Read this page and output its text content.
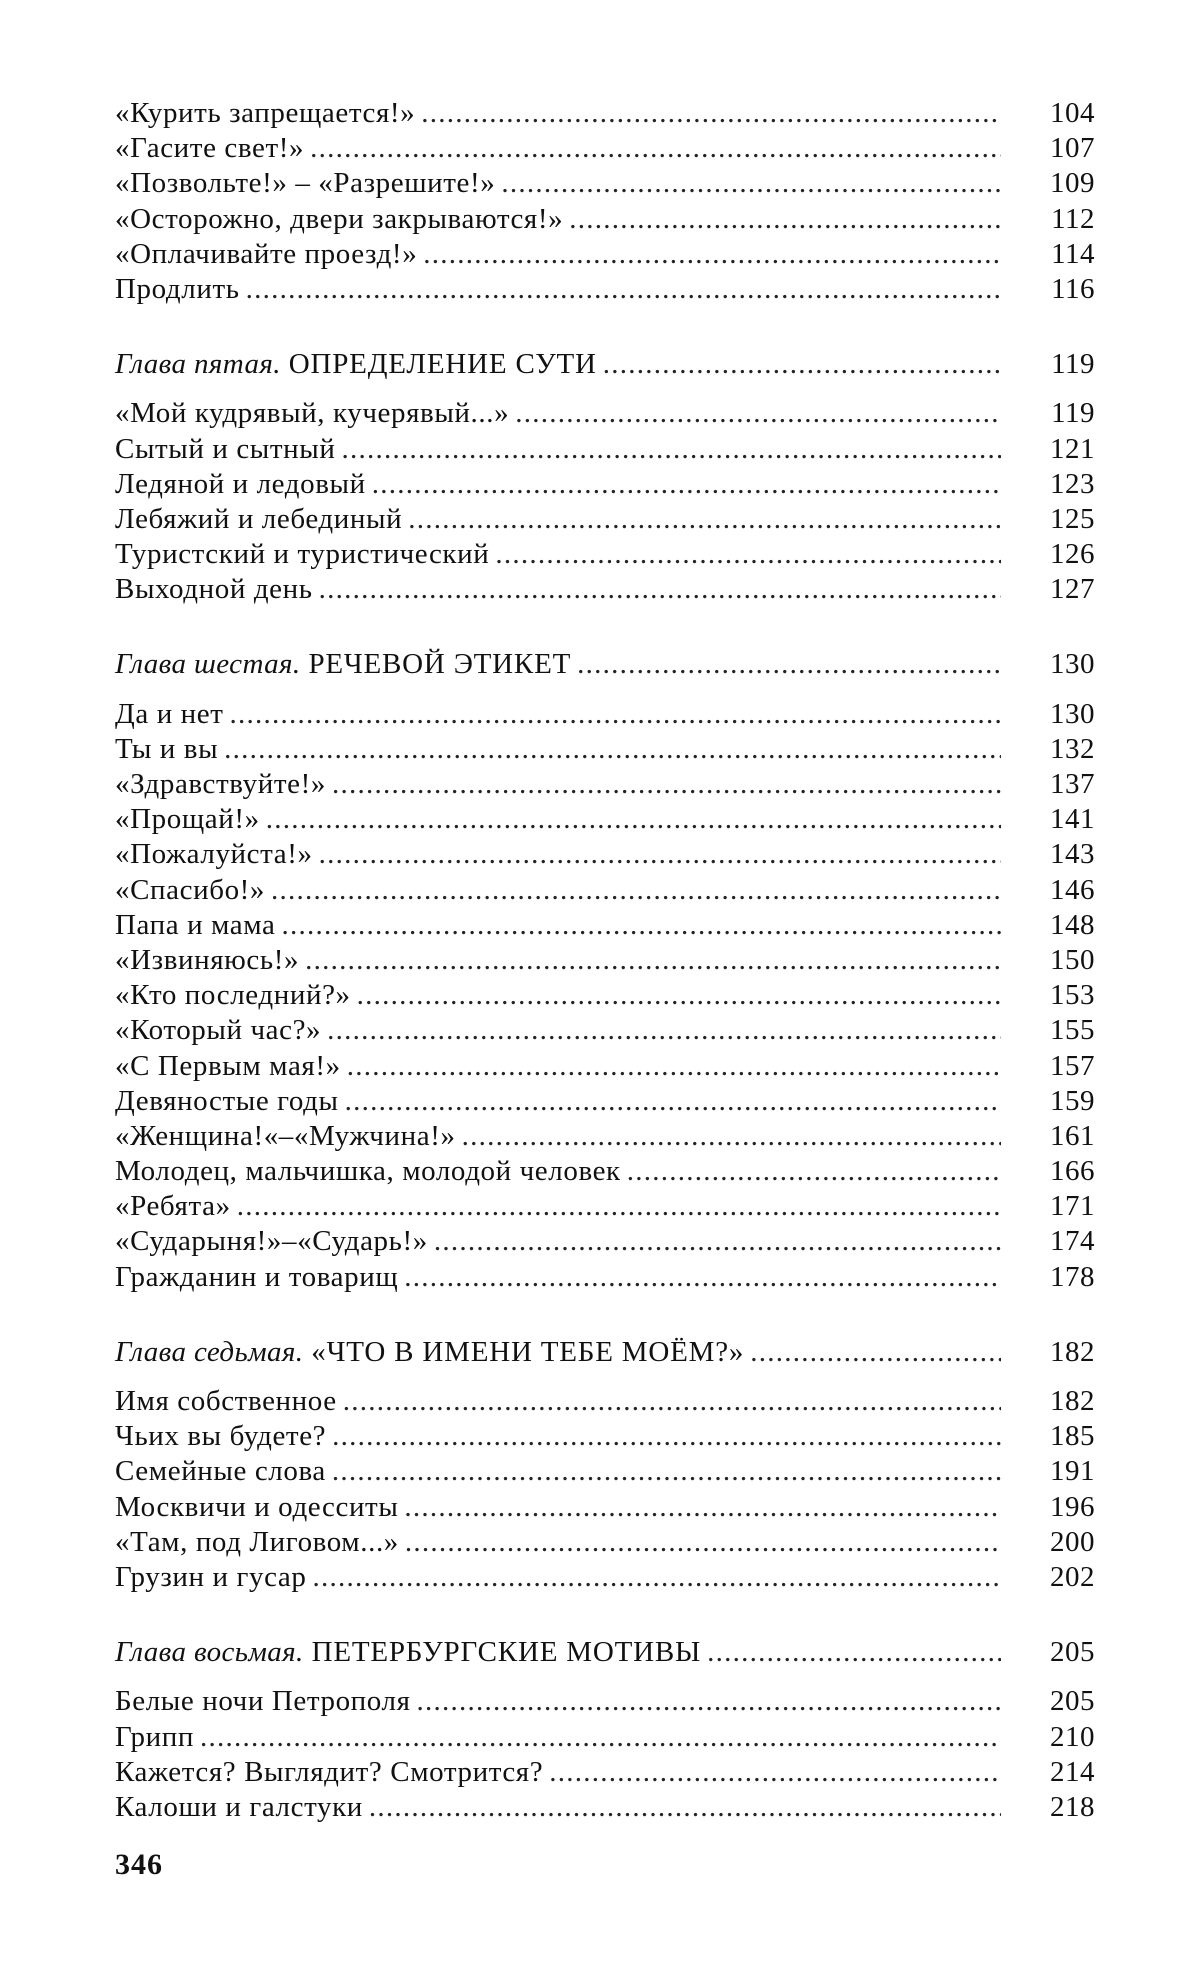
«Курить запрещается!» . . .	104
«Гасите свет!» . . .	107
«Позвольте!» – «Разрешите!» . . .	109
«Осторожно, двери закрываются!» . . .	112
«Оплачивайте проезд!» . . .	114
Продлить . . .	116
Глава пятая. ОПРЕДЕЛЕНИЕ СУТИ . . .	119
«Мой кудрявый, кучерявый...» . . .	119
Сытый и сытный . . .	121
Ледяной и ледовый . . .	123
Лебяжий и лебединый . . .	125
Туристский и туристический . . .	126
Выходной день . . .	127
Глава шестая. РЕЧЕВОЙ ЭТИКЕТ . . .	130
Да и нет . . .	130
Ты и вы . . .	132
«Здравствуйте!» . . .	137
«Прощай!» . . .	141
«Пожалуйста!» . . .	143
«Спасибо!» . . .	146
Папа и мама . . .	148
«Извиняюсь!» . . .	150
«Кто последний?» . . .	153
«Который час?» . . .	155
«С Первым мая!» . . .	157
Девяностые годы . . .	159
«Женщина!«–«Мужчина!» . . .	161
Молодец, мальчишка, молодой человек . . .	166
«Ребята» . . .	171
«Сударыня!»–«Сударь!» . . .	174
Гражданин и товарищ . . .	178
Глава седьмая. «ЧТО В ИМЕНИ ТЕБЕ МОЁМ?» . . .	182
Имя собственное . . .	182
Чьих вы будете? . . .	185
Семейные слова . . .	191
Москвичи и одесситы . . .	196
«Там, под Лиговом...» . . .	200
Грузин и гусар . . .	202
Глава восьмая. ПЕТЕРБУРГСКИЕ МОТИВЫ . . .	205
Белые ночи Петрополя . . .	205
Грипп . . .	210
Кажется? Выглядит? Смотрится? . . .	214
Калоши и галстуки . . .	218
346
